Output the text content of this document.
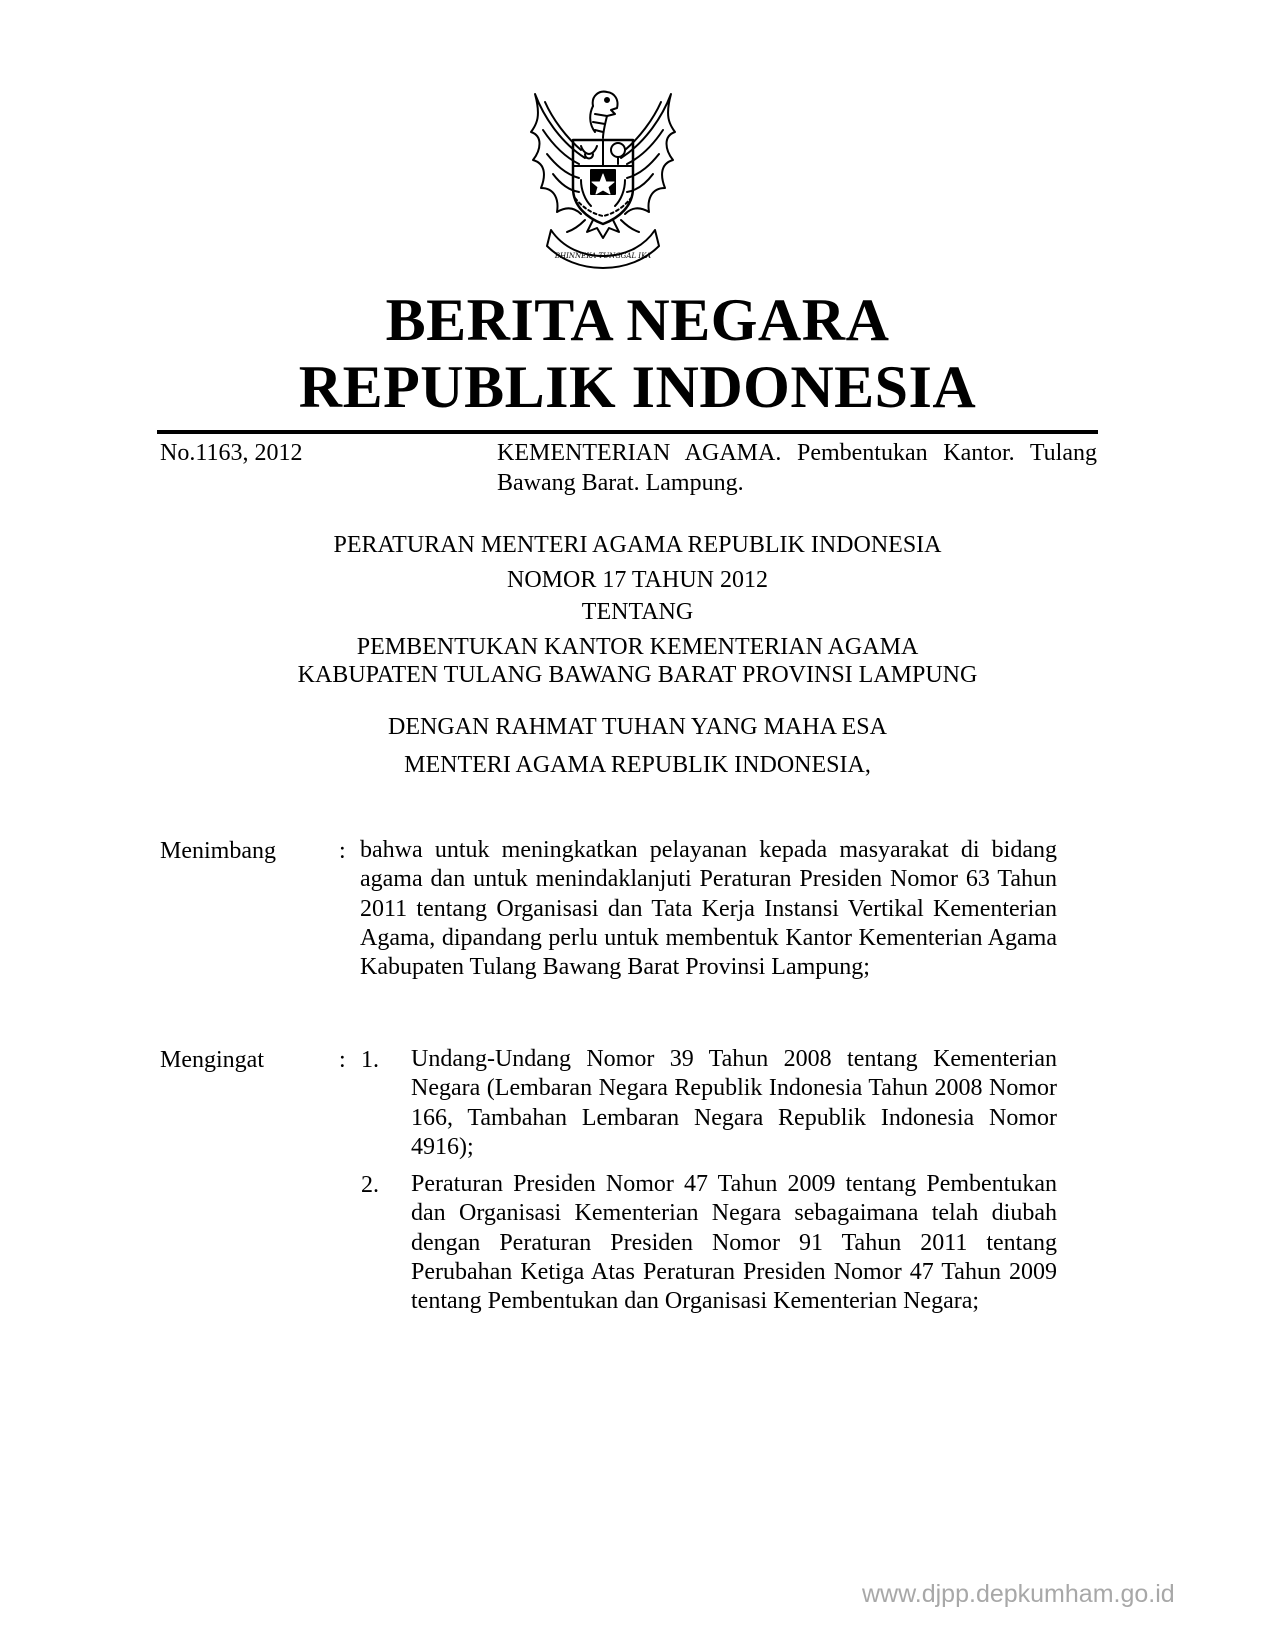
BHINNEKA TUNGGAL IKA
BERITA NEGARA
REPUBLIK INDONESIA
No.1163, 2012	KEMENTERIAN AGAMA. Pembentukan Kantor. Tulang Bawang Barat. Lampung.
PERATURAN MENTERI AGAMA REPUBLIK INDONESIA
NOMOR 17 TAHUN 2012
TENTANG
PEMBENTUKAN KANTOR KEMENTERIAN AGAMA
KABUPATEN TULANG BAWANG BARAT PROVINSI LAMPUNG
DENGAN RAHMAT TUHAN YANG MAHA ESA
MENTERI AGAMA REPUBLIK INDONESIA,
Menimbang	: bahwa untuk meningkatkan pelayanan kepada masyarakat di bidang agama dan untuk menindaklanjuti Peraturan Presiden Nomor 63 Tahun 2011 tentang Organisasi dan Tata Kerja Instansi Vertikal Kementerian Agama, dipandang perlu untuk membentuk Kantor Kementerian Agama Kabupaten Tulang Bawang Barat Provinsi Lampung;
Mengingat	: 1. Undang-Undang Nomor 39 Tahun 2008 tentang Kementerian Negara (Lembaran Negara Republik Indonesia Tahun 2008 Nomor 166, Tambahan Lembaran Negara Republik Indonesia Nomor 4916);
2. Peraturan Presiden Nomor 47 Tahun 2009 tentang Pembentukan dan Organisasi Kementerian Negara sebagaimana telah diubah dengan Peraturan Presiden Nomor 91 Tahun 2011 tentang Perubahan Ketiga Atas Peraturan Presiden Nomor 47 Tahun 2009 tentang Pembentukan dan Organisasi Kementerian Negara;
www.djpp.depkumham.go.id
